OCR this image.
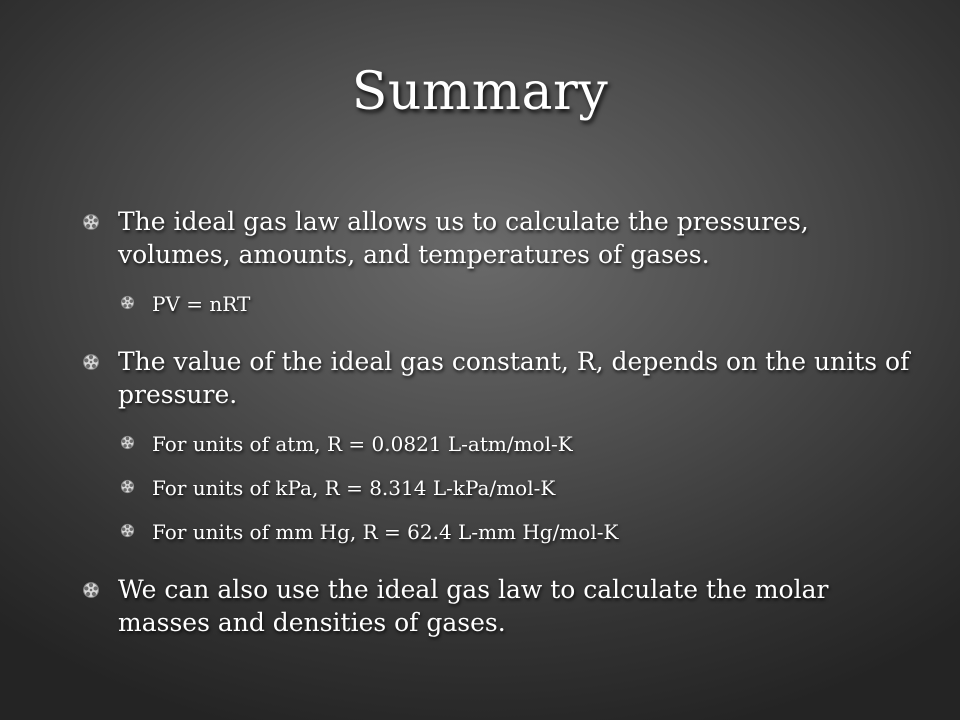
Summary
The ideal gas law allows us to calculate the pressures, volumes, amounts, and temperatures of gases.
PV = nRT
The value of the ideal gas constant, R, depends on the units of pressure.
For units of atm, R = 0.0821 L-atm/mol-K
For units of kPa, R = 8.314 L-kPa/mol-K
For units of mm Hg, R = 62.4 L-mm Hg/mol-K
We can also use the ideal gas law to calculate the molar masses and densities of gases.
